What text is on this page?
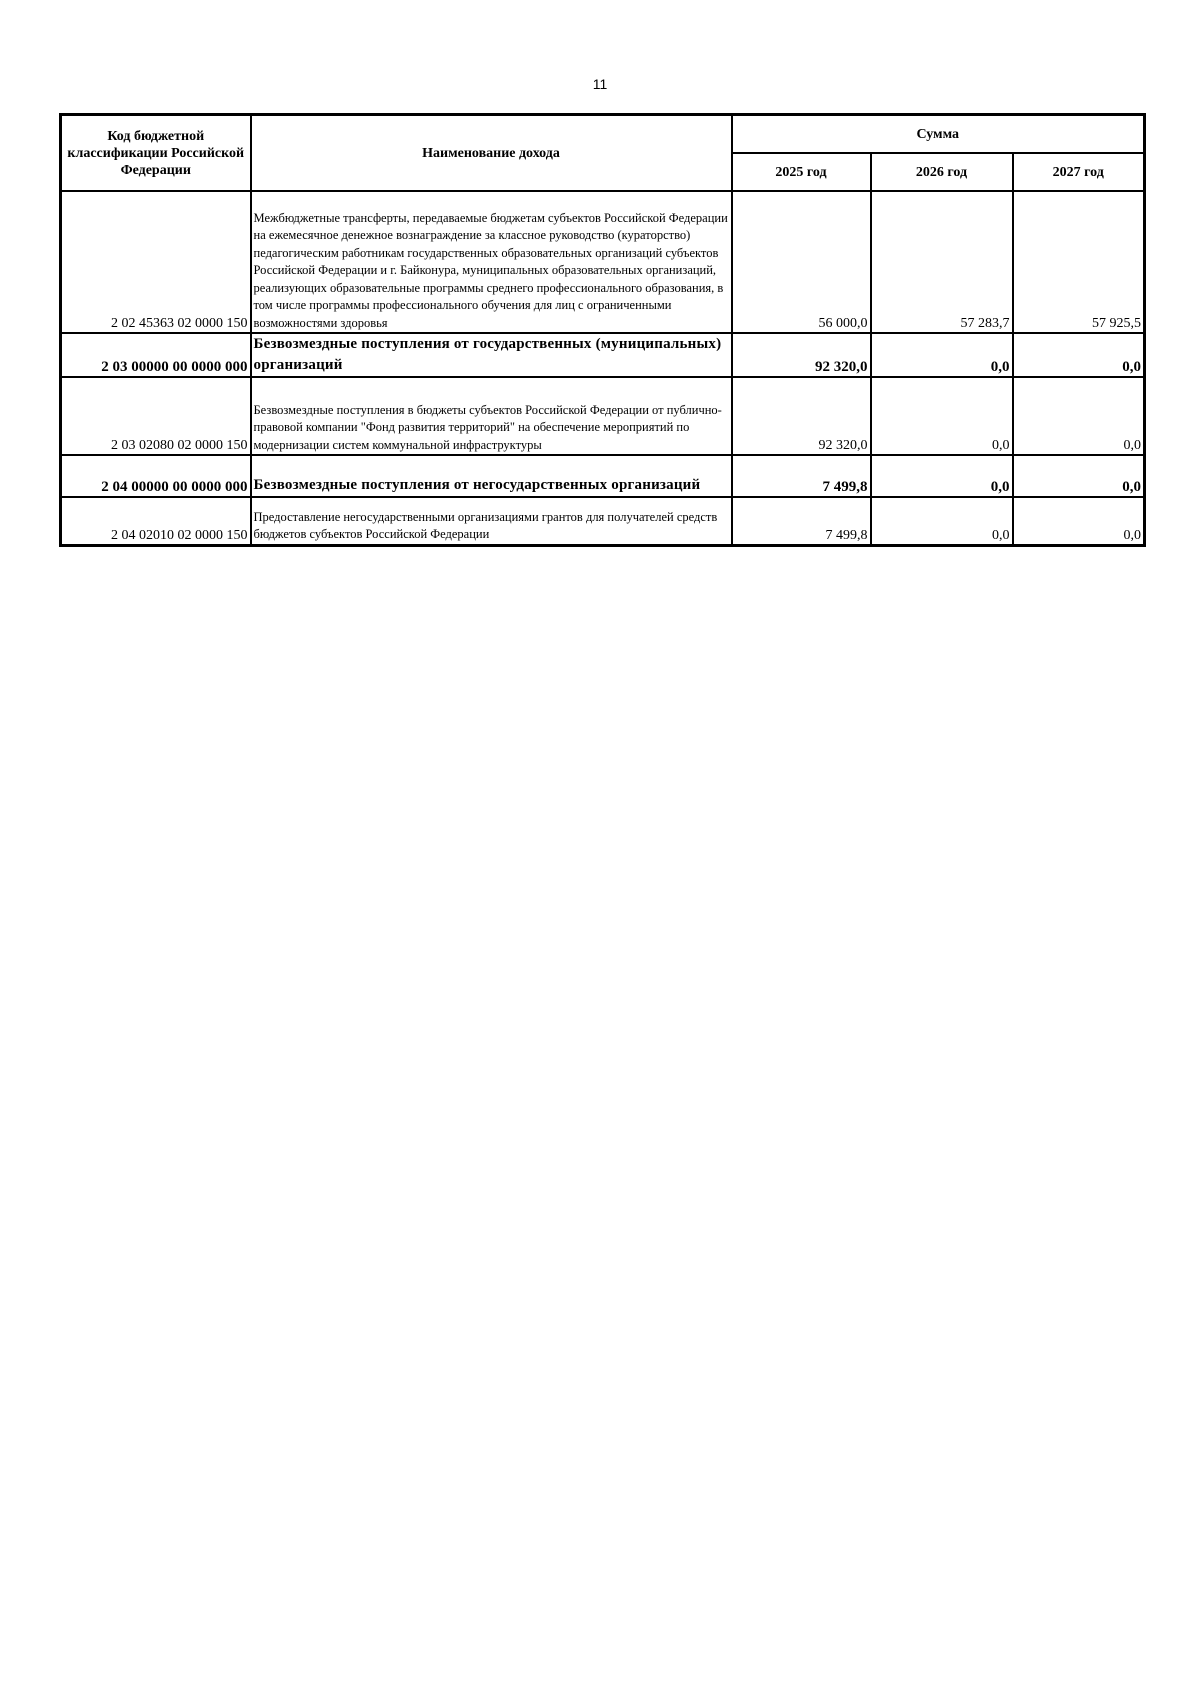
11
Код бюджетной классификации Российской Федерации	Наименование дохода	Сумма		
		2025 год	2026 год	2027 год
2 02 45363 02 0000 150	Межбюджетные трансферты, передаваемые бюджетам субъектов Российской Федерации на ежемесячное денежное вознаграждение за классное руководство (кураторство) педагогическим работникам государственных образовательных организаций субъектов Российской Федерации и г. Байконура, муниципальных образовательных организаций, реализующих образовательные программы среднего профессионального образования, в том числе программы профессионального обучения для лиц с ограниченными возможностями здоровья	56 000,0	57 283,7	57 925,5
2 03 00000 00 0000 000	Безвозмездные поступления от государственных (муниципальных) организаций	92 320,0	0,0	0,0
2 03 02080 02 0000 150	Безвозмездные поступления в бюджеты субъектов Российской Федерации от публично-правовой компании "Фонд развития территорий" на обеспечение мероприятий по модернизации систем коммунальной инфраструктуры	92 320,0	0,0	0,0
2 04 00000 00 0000 000	Безвозмездные поступления от негосударственных организаций	7 499,8	0,0	0,0
2 04 02010 02 0000 150	Предоставление негосударственными организациями грантов для получателей средств бюджетов субъектов Российской Федерации	7 499,8	0,0	0,0
